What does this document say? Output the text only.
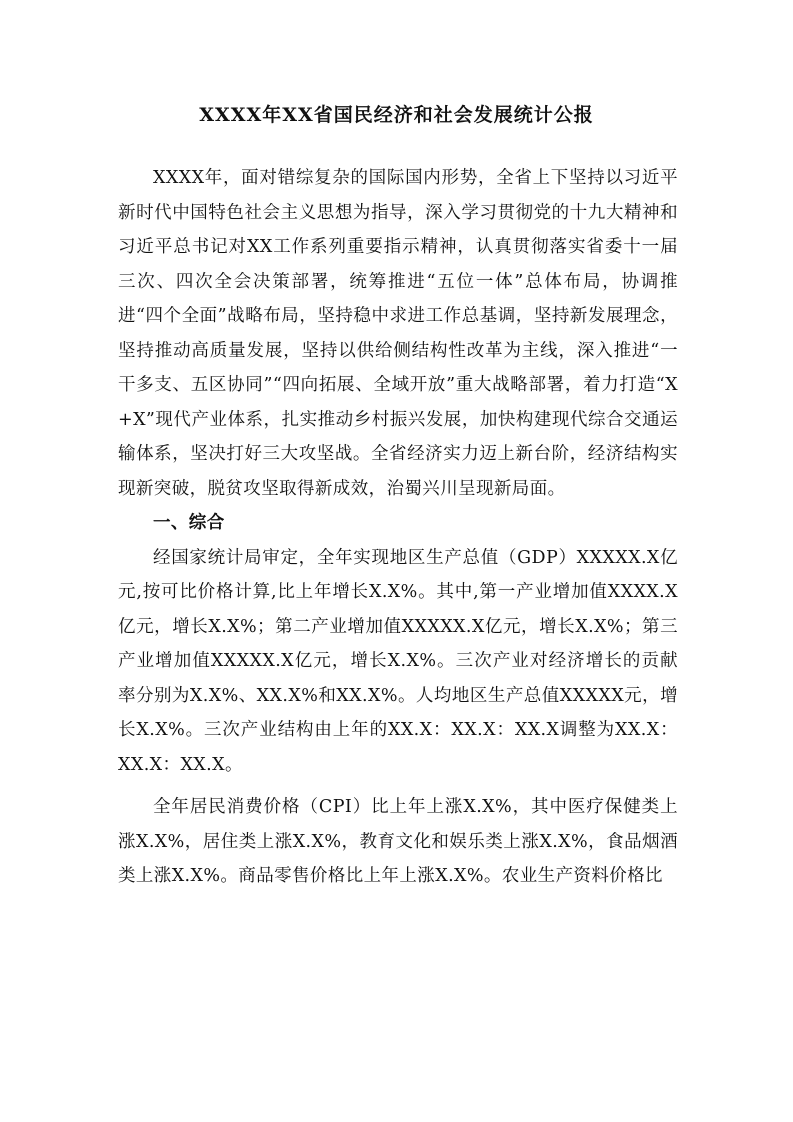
XXXX年XX省国民经济和社会发展统计公报

XXXX年，面对错综复杂的国际国内形势，全省上下坚持以习近平新时代中国特色社会主义思想为指导，深入学习贯彻党的十九大精神和习近平总书记对XX工作系列重要指示精神，认真贯彻落实省委十一届三次、四次全会决策部署，统筹推进“五位一体”总体布局，协调推进“四个全面”战略布局，坚持稳中求进工作总基调，坚持新发展理念，坚持推动高质量发展，坚持以供给侧结构性改革为主线，深入推进“一干多支、五区协同”“四向拓展、全域开放”重大战略部署，着力打造“X+X”现代产业体系，扎实推动乡村振兴发展，加快构建现代综合交通运输体系，坚决打好三大攻坚战。全省经济实力迈上新台阶，经济结构实现新突破，脱贫攻坚取得新成效，治蜀兴川呈现新局面。

一、综合

经国家统计局审定，全年实现地区生产总值（GDP）XXXXX.X亿元,按可比价格计算,比上年增长X.X%。其中,第一产业增加值XXXX.X亿元，增长X.X%；第二产业增加值XXXXX.X亿元，增长X.X%；第三产业增加值XXXXX.X亿元，增长X.X%。三次产业对经济增长的贡献率分别为X.X%、XX.X%和XX.X%。人均地区生产总值XXXXX元，增长X.X%。三次产业结构由上年的XX.X：XX.X：XX.X调整为XX.X：XX.X：XX.X。

全年居民消费价格（CPI）比上年上涨X.X%，其中医疗保健类上涨X.X%，居住类上涨X.X%，教育文化和娱乐类上涨X.X%，食品烟酒类上涨X.X%。商品零售价格比上年上涨X.X%。农业生产资料价格比
